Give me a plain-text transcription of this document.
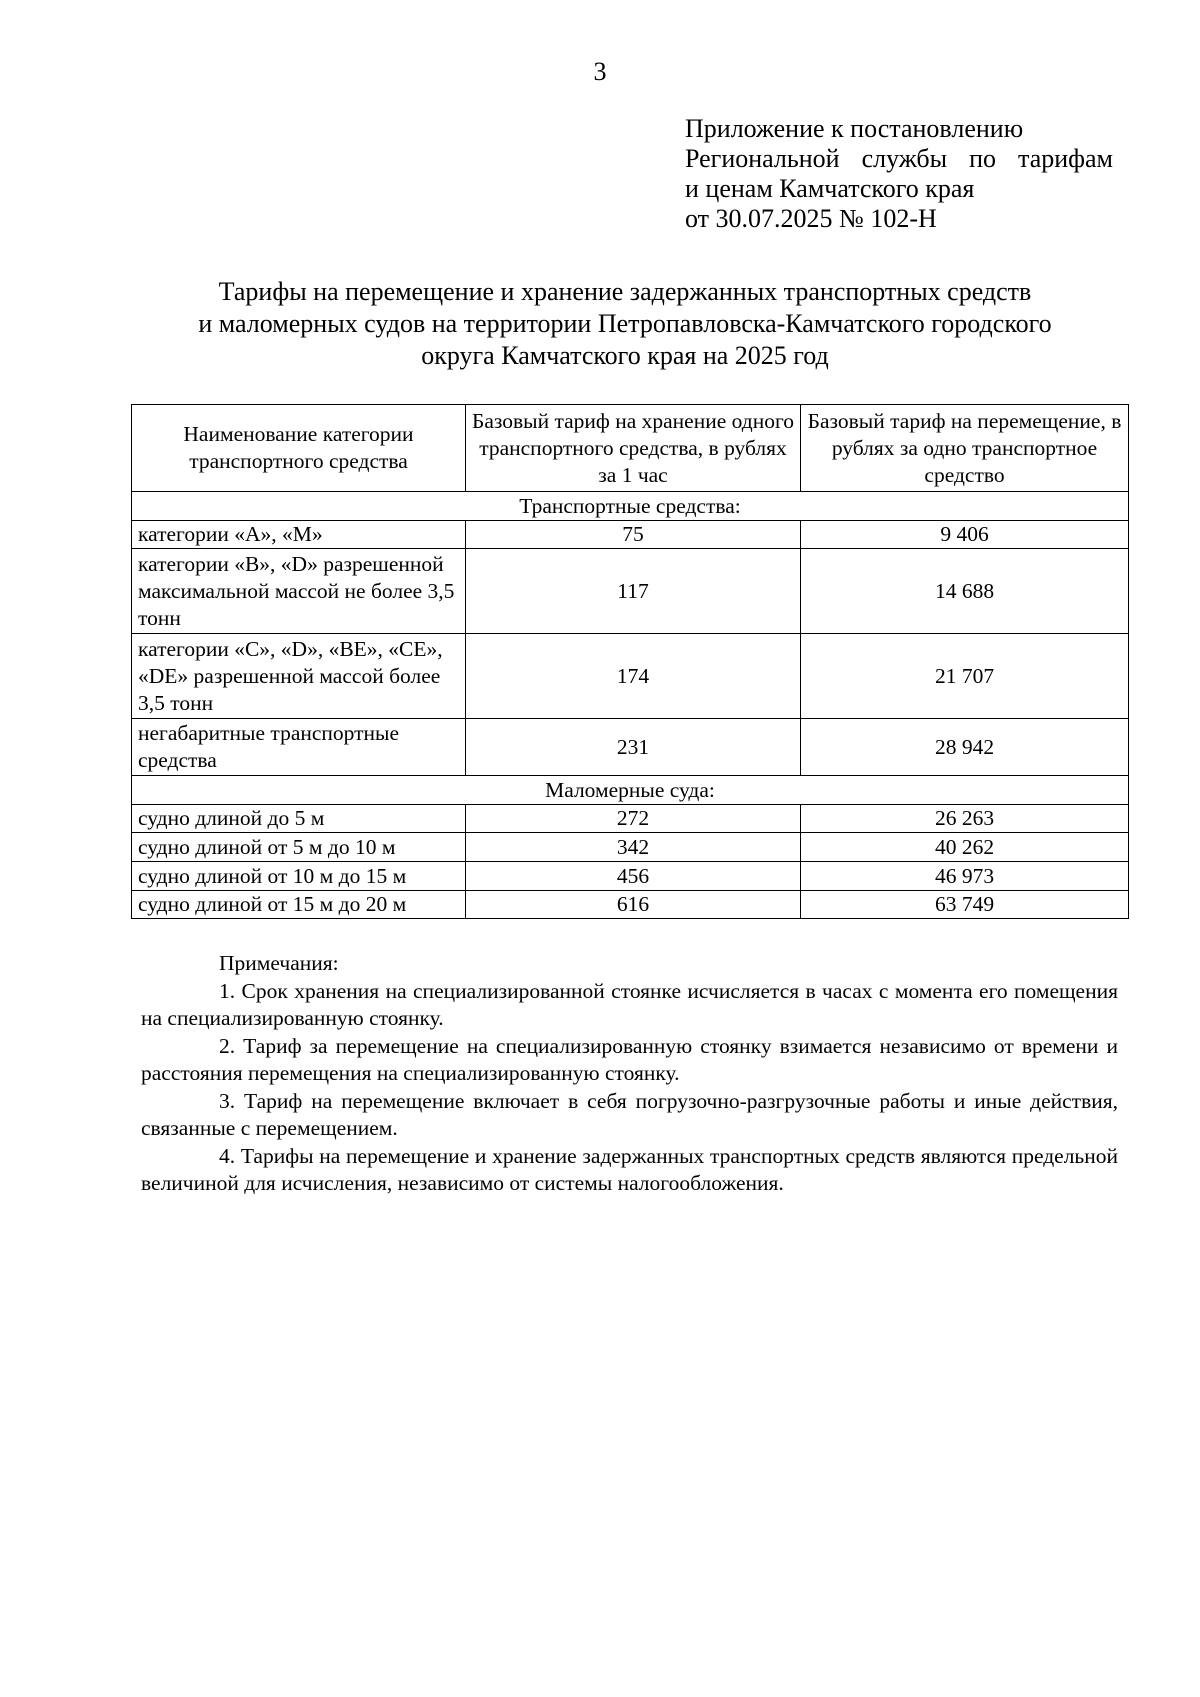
3
Приложение к постановлению
Региональной службы по тарифам
и ценам Камчатского края
от 30.07.2025 № 102-Н
Тарифы на перемещение и хранение задержанных транспортных средств
и маломерных судов на территории Петропавловска-Камчатского городского
округа Камчатского края на 2025 год
Наименование категории транспортного средства	Базовый тариф на хранение одного транспортного средства, в рублях за 1 час	Базовый тариф на перемещение, в рублях за одно транспортное средство
Транспортные средства:		
категории «А», «М»	75	9 406
категории «В», «D» разрешенной максимальной массой не более 3,5 тонн	117	14 688
категории «С», «D», «ВЕ», «СЕ», «DЕ» разрешенной массой более 3,5 тонн	174	21 707
негабаритные транспортные средства	231	28 942
Маломерные суда:		
судно длиной до 5 м	272	26 263
судно длиной от 5 м до 10 м	342	40 262
судно длиной от 10 м до 15 м	456	46 973
судно длиной от 15 м до 20 м	616	63 749
Примечания:

1. Срок хранения на специализированной стоянке исчисляется в часах с момента его помещения на специализированную стоянку.

2. Тариф за перемещение на специализированную стоянку взимается независимо от времени и расстояния перемещения на специализированную стоянку.

3. Тариф на перемещение включает в себя погрузочно-разгрузочные работы и иные действия, связанные с перемещением.

4. Тарифы на перемещение и хранение задержанных транспортных средств являются предельной величиной для исчисления, независимо от системы налогообложения.
